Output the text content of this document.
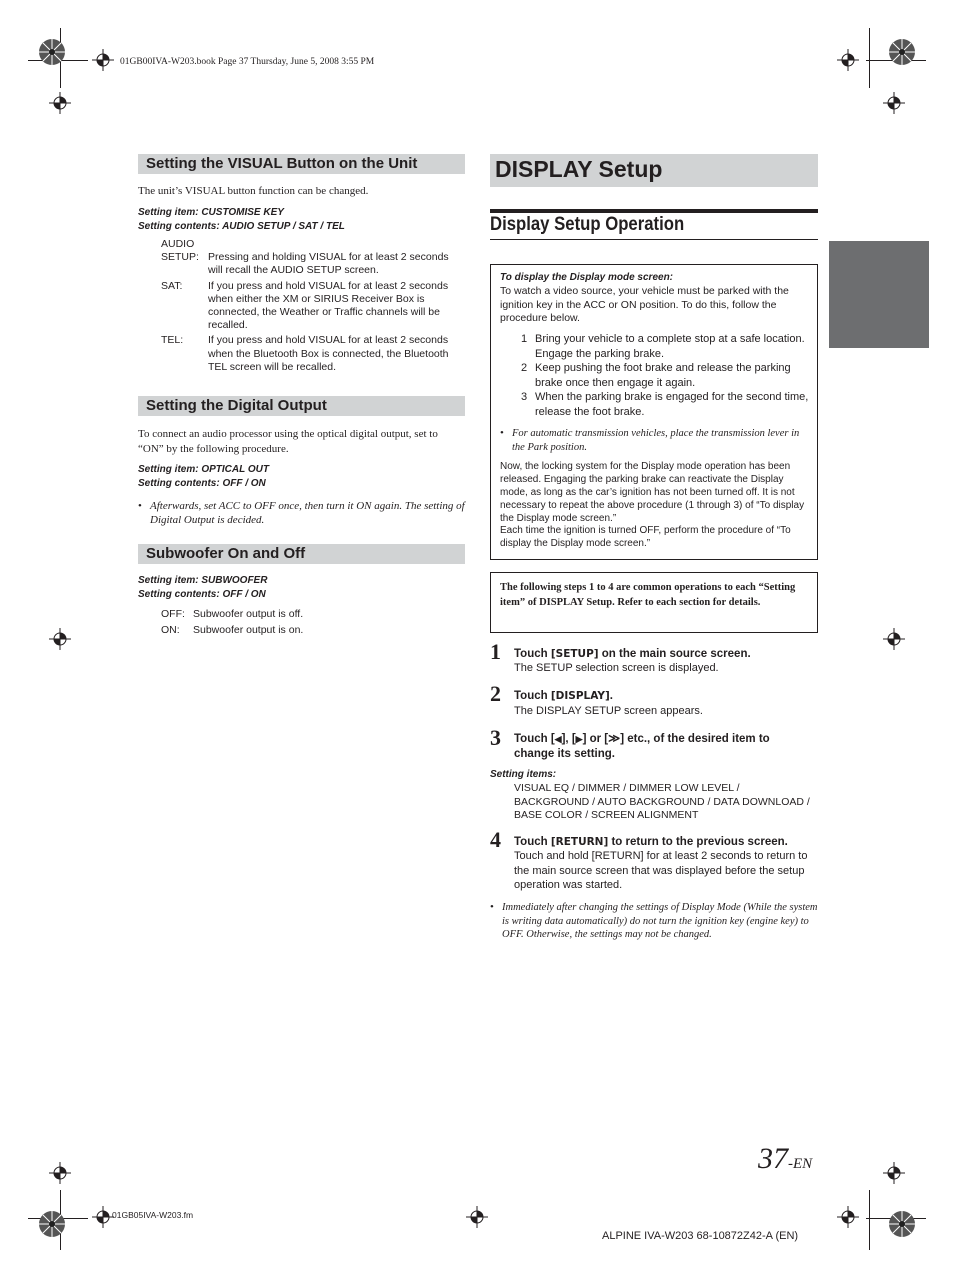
01GB00IVA-W203.book Page 37 Thursday, June 5, 2008 3:55 PM
01GB05IVA-W203.fm
ALPINE IVA-W203 68-10872Z42-A (EN)
37-EN
Setting the VISUAL Button on the Unit
The unit’s VISUAL button function can be changed.
Setting item: CUSTOMISE KEY
Setting contents: AUDIO SETUP / SAT / TEL
AUDIO
SETUP: Pressing and holding VISUAL for at least 2 seconds will recall the AUDIO SETUP screen.
SAT:	If you press and hold VISUAL for at least 2 seconds when either the XM or SIRIUS Receiver Box is connected, the Weather or Traffic channels will be recalled.
TEL:	If you press and hold VISUAL for at least 2 seconds when the Bluetooth Box is connected, the Bluetooth TEL screen will be recalled.
Setting the Digital Output
To connect an audio processor using the optical digital output, set to “ON” by the following procedure.
Setting item: OPTICAL OUT
Setting contents: OFF / ON
• Afterwards, set ACC to OFF once, then turn it ON again. The setting of Digital Output is decided.
Subwoofer On and Off
Setting item: SUBWOOFER
Setting contents: OFF / ON
OFF: Subwoofer output is off.
ON:	Subwoofer output is on.
DISPLAY Setup
Display Setup Operation
To display the Display mode screen:
To watch a video source, your vehicle must be parked with the ignition key in the ACC or ON position. To do this, follow the procedure below.
1 Bring your vehicle to a complete stop at a safe location. Engage the parking brake.
2 Keep pushing the foot brake and release the parking brake once then engage it again.
3 When the parking brake is engaged for the second time, release the foot brake.
• For automatic transmission vehicles, place the transmission lever in the Park position.
Now, the locking system for the Display mode operation has been released. Engaging the parking brake can reactivate the Display mode, as long as the car’s ignition has not been turned off. It is not necessary to repeat the above procedure (1 through 3) of “To display the Display mode screen.”
Each time the ignition is turned OFF, perform the procedure of “To display the Display mode screen.”
The following steps 1 to 4 are common operations to each “Setting item” of DISPLAY Setup. Refer to each section for details.
1 Touch [SETUP] on the main source screen.
The SETUP selection screen is displayed.
2 Touch [DISPLAY].
The DISPLAY SETUP screen appears.
3 Touch [◀], [▶] or [≫] etc., of the desired item to
change its setting.
Setting items:
VISUAL EQ / DIMMER / DIMMER LOW LEVEL / BACKGROUND / AUTO BACKGROUND / DATA DOWNLOAD / BASE COLOR / SCREEN ALIGNMENT
4 Touch [RETURN] to return to the previous screen.
Touch and hold [RETURN] for at least 2 seconds to return to the main source screen that was displayed before the setup operation was started.
• Immediately after changing the settings of Display Mode (While the system is writing data automatically) do not turn the ignition key (engine key) to OFF. Otherwise, the settings may not be changed.
